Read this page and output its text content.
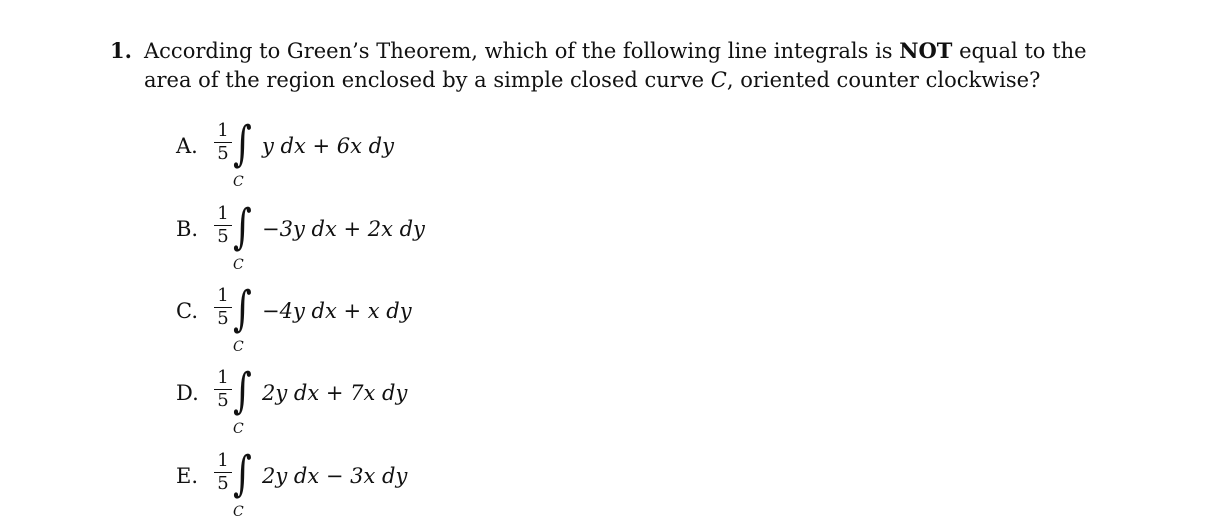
1. According to Green’s Theorem, which of the following line integrals is NOT equal to the
area of the region enclosed by a simple closed curve C, oriented counter clockwise?
A.
1
5 ∫
C
y dx + 6x dy
B.
1
5 ∫
C
−3y dx + 2x dy
C.
1
5 ∫
C
−4y dx + x dy
D.
1
5 ∫
C
2y dx + 7x dy
E.
1
5 ∫
C
2y dx − 3x dy
